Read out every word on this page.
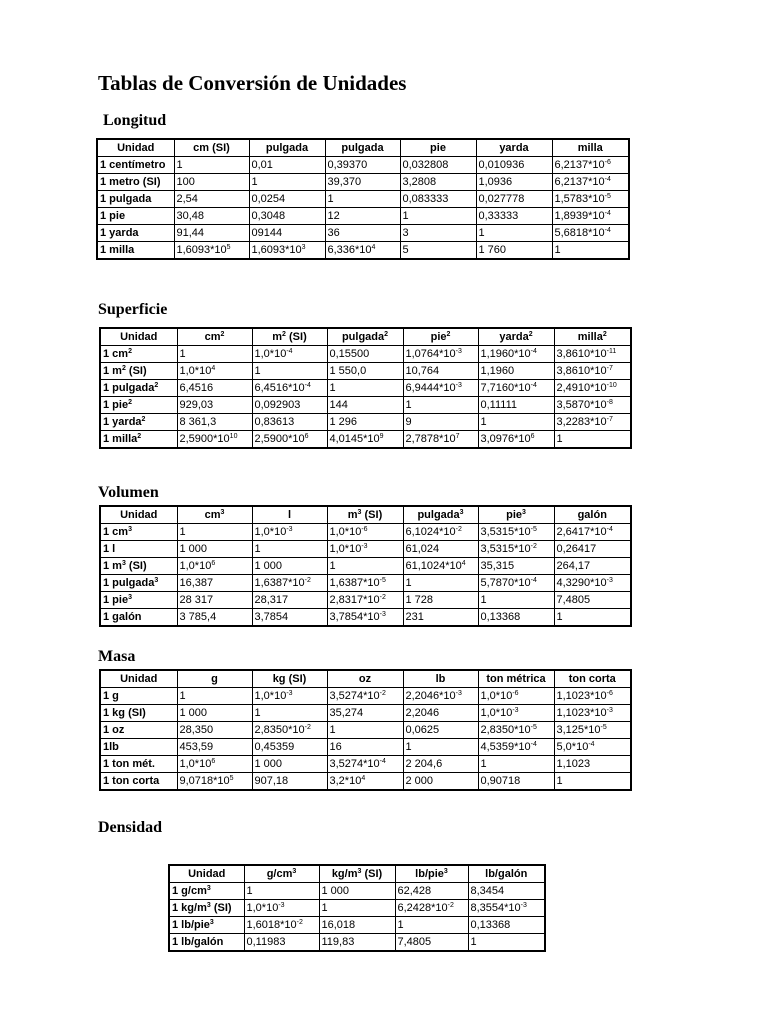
Tablas de Conversión de Unidades
Longitud
Unidad	cm (SI)	pulgada	pulgada	pie	yarda	milla
1 centímetro	1	0,01	0,39370	0,032808	0,010936	$6,2137*10^{-6}$
1 metro (SI)	100	1	39,370	3,2808	1,0936	$6,2137*10^{-4}$
1 pulgada	2,54	0,0254	1	0,083333	0,027778	$1,5783*10^{-5}$
1 pie	30,48	0,3048	12	1	0,33333	$1,8939*10^{-4}$
1 yarda	91,44	09144	36	3	1	$5,6818*10^{-4}$
1 milla	$1,6093*10^5$	$1,6093*10^3$	$6,336*10^4$	5	1 760	1
Superficie
Unidad	$cm^2$	$m^2$ (SI)	pulgada$^2$	pie$^2$	yarda$^2$	milla$^2$
1 $cm^2$	1	$1,0*10^{-4}$	0,15500	$1,0764*10^{-3}$	$1,1960*10^{-4}$	$3,8610*10^{-11}$
1 $m^2$ (SI)	$1,0*10^4$	1	1 550,0	10,764	1,1960	$3,8610*10^{-7}$
1 pulgada$^2$	6,4516	$6,4516*10^{-4}$	1	$6,9444*10^{-3}$	$7,7160*10^{-4}$	$2,4910*10^{-10}$
1 pie$^2$	929,03	0,092903	144	1	0,11111	$3,5870*10^{-8}$
1 yarda$^2$	8 361,3	0,83613	1 296	9	1	$3,2283*10^{-7}$
1 milla$^2$	$2,5900*10^{10}$	$2,5900*10^6$	$4,0145*10^9$	$2,7878*10^7$	$3,0976*10^6$	1
Volumen
Unidad	$cm^3$	l	$m^3$ (SI)	pulgada$^3$	pie$^3$	galón
1 $cm^3$	1	$1,0*10^{-3}$	$1,0*10^{-6}$	$6,1024*10^{-2}$	$3,5315*10^{-5}$	$2,6417*10^{-4}$
1 l	1 000	1	$1,0*10^{-3}$	61,024	$3,5315*10^{-2}$	0,26417
1 $m^3$ (SI)	$1,0*10^6$	1 000	1	$61,1024*10^4$	35,315	264,17
1 pulgada$^3$	16,387	$1,6387*10^{-2}$	$1,6387*10^{-5}$	1	$5,7870*10^{-4}$	$4,3290*10^{-3}$
1 pie$^3$	28 317	28,317	$2,8317*10^{-2}$	1 728	1	7,4805
1 galón	3 785,4	3,7854	$3,7854*10^{-3}$	231	0,13368	1
Masa
Unidad	g	kg (SI)	oz	lb	ton métrica	ton corta
1 g	1	$1,0*10^{-3}$	$3,5274*10^{-2}$	$2,2046*10^{-3}$	$1,0*10^{-6}$	$1,1023*10^{-6}$
1 kg (SI)	1 000	1	35,274	2,2046	$1,0*10^{-3}$	$1,1023*10^{-3}$
1 oz	28,350	$2,8350*10^{-2}$	1	0,0625	$2,8350*10^{-5}$	$3,125*10^{-5}$
1lb	453,59	0,45359	16	1	$4,5359*10^{-4}$	$5,0*10^{-4}$
1 ton mét.	$1,0*10^6$	1 000	$3,5274*10^{-4}$	2 204,6	1	1,1023
1 ton corta	$9,0718*10^5$	907,18	$3,2*10^4$	2 000	0,90718	1
Densidad
Unidad	$g/cm^3$	$kg/m^3$ (SI)	lb/pie$^3$	lb/galón
1 $g/cm^3$	1	1 000	62,428	8,3454
1 $kg/m^3$ (SI)	$1,0*10^{-3}$	1	$6,2428*10^{-2}$	$8,3554*10^{-3}$
1 lb/pie$^3$	$1,6018*10^{-2}$	16,018	1	0,13368
1 lb/galón	0,11983	119,83	7,4805	1
